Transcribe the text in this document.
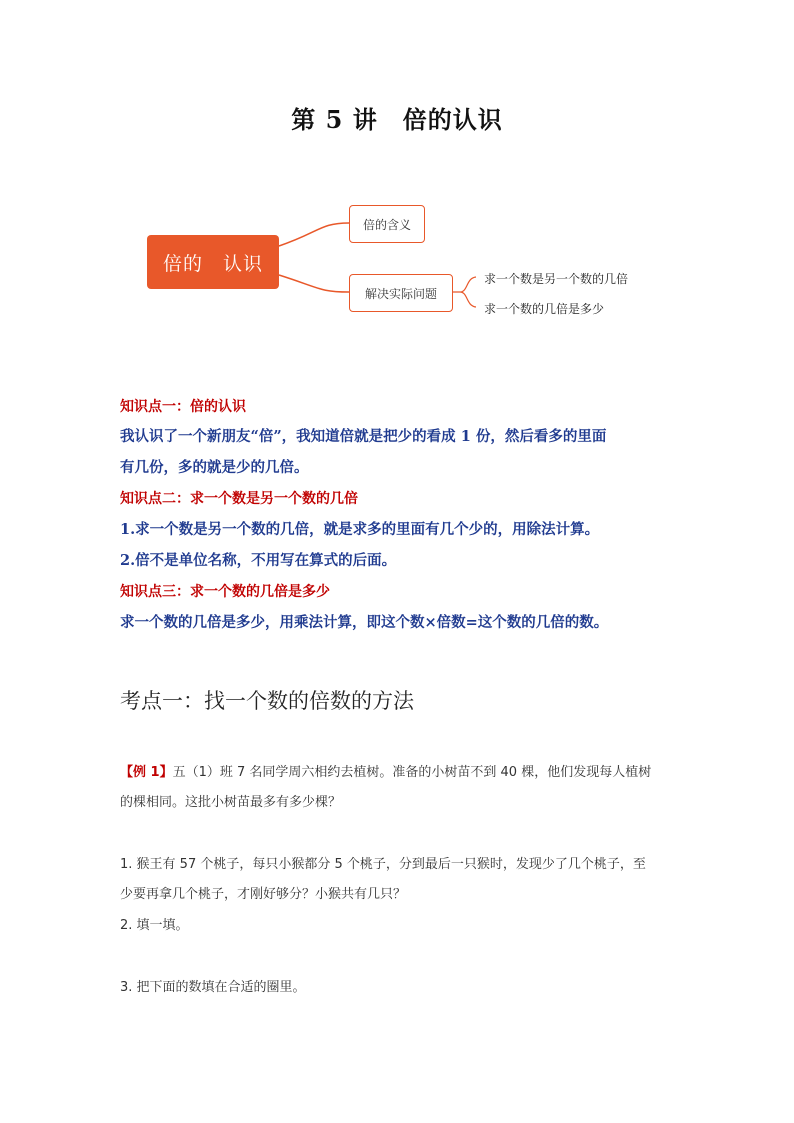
第 5 讲　倍的认识
倍的　认识
倍的含义
解决实际问题
求一个数是另一个数的几倍
求一个数的几倍是多少
知识点一：倍的认识
我认识了一个新朋友“倍”，我知道倍就是把少的看成 1 份，然后看多的里面
有几份，多的就是少的几倍。
知识点二：求一个数是另一个数的几倍
1.求一个数是另一个数的几倍，就是求多的里面有几个少的，用除法计算。
2.倍不是单位名称，不用写在算式的后面。
知识点三：求一个数的几倍是多少
求一个数的几倍是多少，用乘法计算，即这个数×倍数=这个数的几倍的数。
考点一：找一个数的倍数的方法
【例 1】五（1）班 7 名同学周六相约去植树。准备的小树苗不到 40 棵，他们发现每人植树
的棵相同。这批小树苗最多有多少棵？
1. 猴王有 57 个桃子，每只小猴都分 5 个桃子，分到最后一只猴时，发现少了几个桃子，至
少要再拿几个桃子，才刚好够分？小猴共有几只？
2. 填一填。
3. 把下面的数填在合适的圈里。
